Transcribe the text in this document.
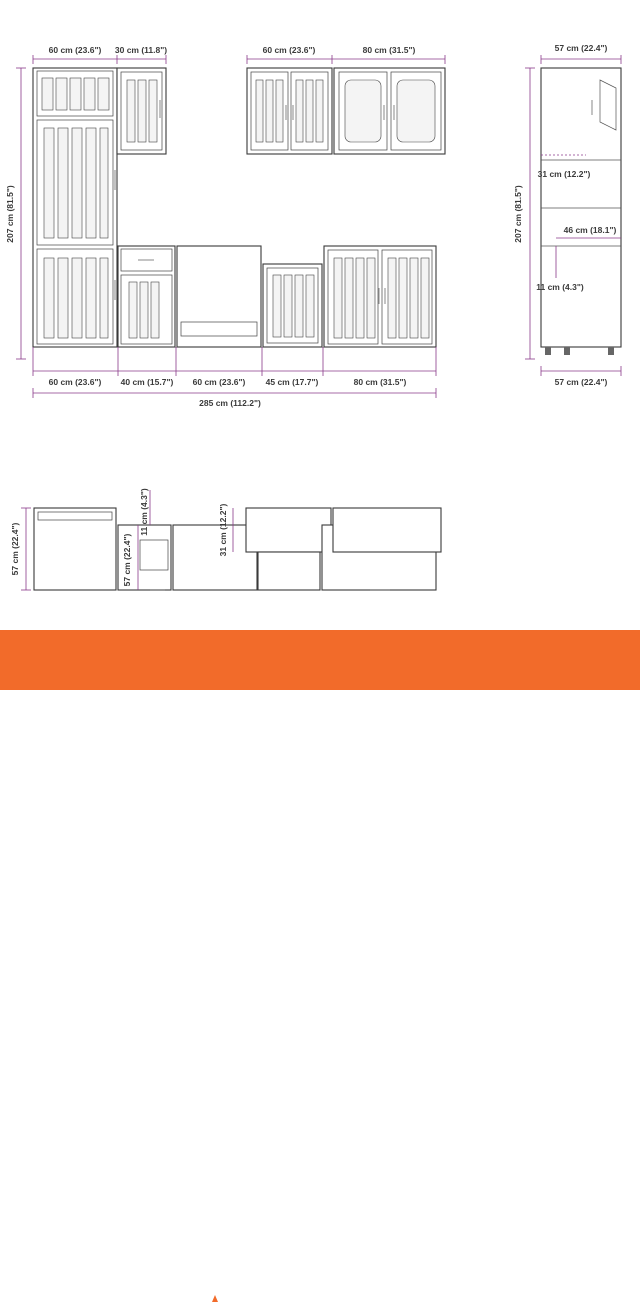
60 cm (23.6") 30 cm (11.8")	60 cm (23.6")	80 cm (31.5")
207 cm (81.5")
60 cm (23.6") 40 cm (15.7") 60 cm (23.6") 45 cm (17.7")	80 cm (31.5")
285 cm (112.2")
57 cm (22.4")
207 cm (81.5")
31 cm (12.2")
46 cm (18.1")
11 cm (4.3")
57 cm (22.4")
57 cm (22.4")	57 cm (22.4")
11 cm (4.3")	31 cm (12.2")
ALCATRAZ.hr
